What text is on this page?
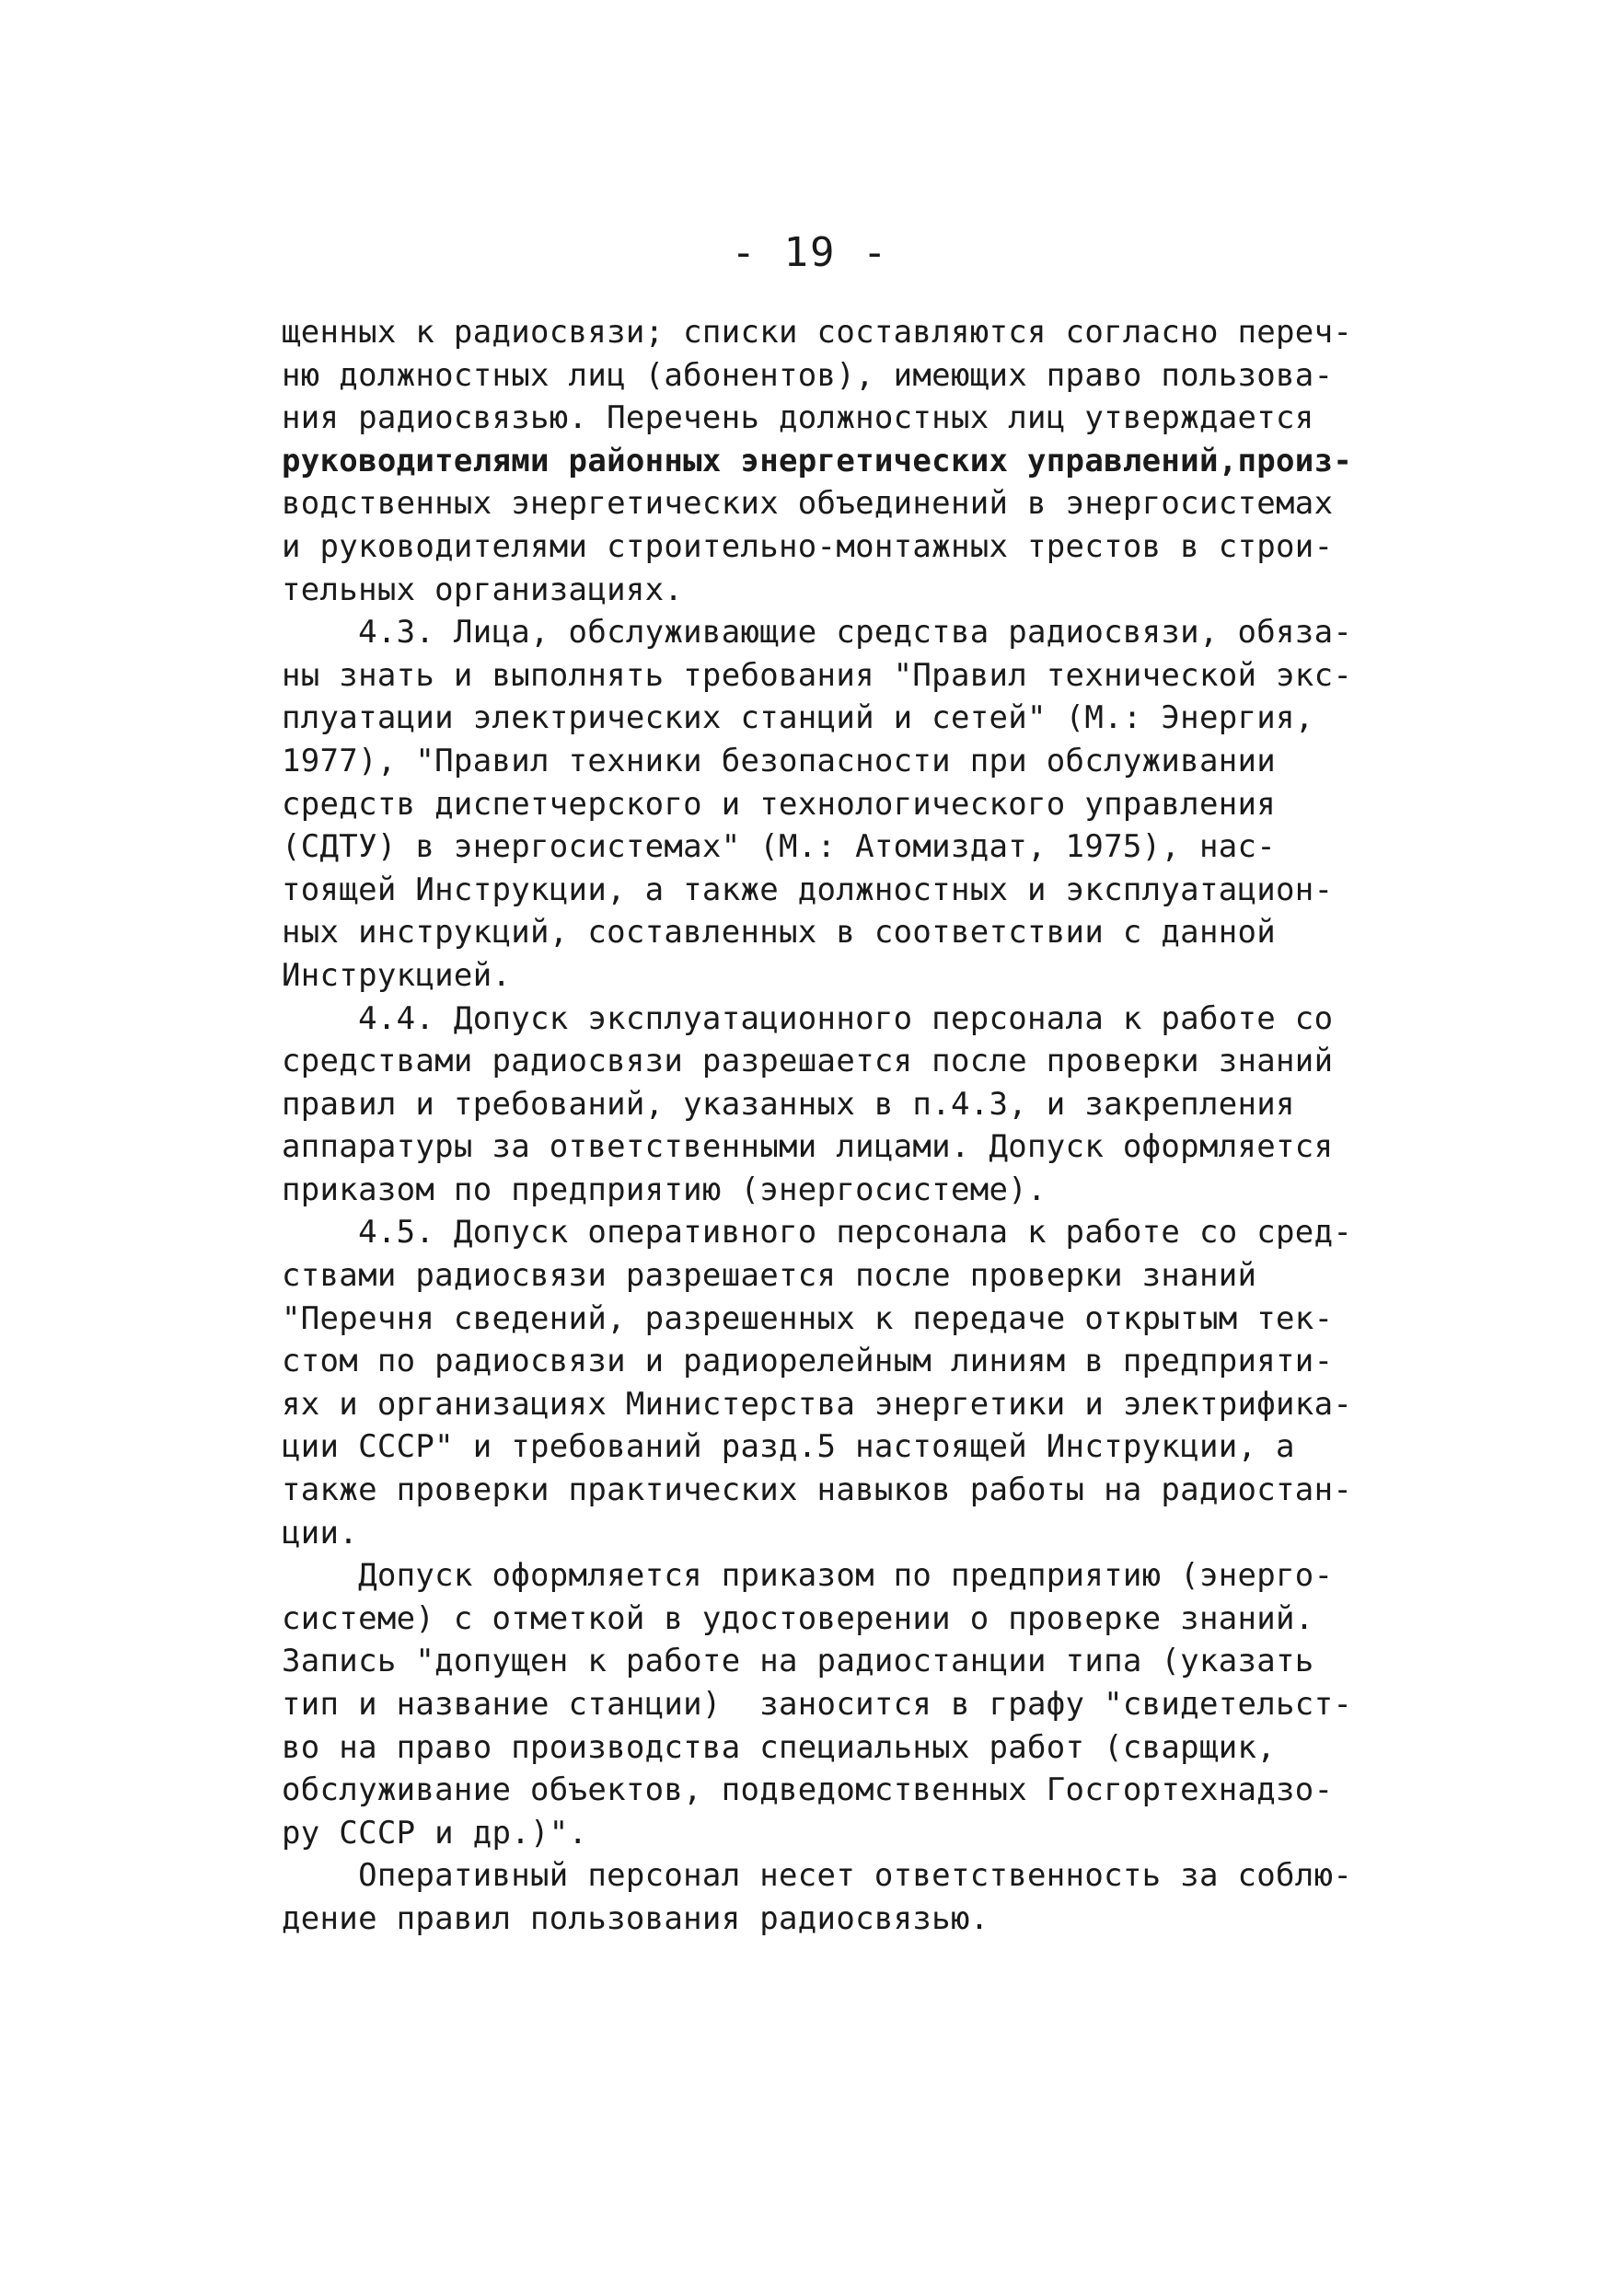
- 19 -
щенных к радиосвязи; списки составляются согласно переч-
ню должностных лиц (абонентов), имеющих право пользова-
ния радиосвязью. Перечень должностных лиц утверждается
руководителями районных энергетических управлений,произ-
водственных энергетических объединений в энергосистемах
и руководителями строительно-монтажных трестов в строи-
тельных организациях.
4.3. Лица, обслуживающие средства радиосвязи, обяза-
ны знать и выполнять требования "Правил технической экс-
плуатации электрических станций и сетей" (М.: Энергия,
1977), "Правил техники безопасности при обслуживании
средств диспетчерского и технологического управления
(СДТУ) в энергосистемах" (М.: Атомиздат, 1975), нас-
тоящей Инструкции, а также должностных и эксплуатацион-
ных инструкций, составленных в соответствии с данной
Инструкцией.
4.4. Допуск эксплуатационного персонала к работе со
средствами радиосвязи разрешается после проверки знаний
правил и требований, указанных в п.4.3, и закрепления
аппаратуры за ответственными лицами. Допуск оформляется
приказом по предприятию (энергосистеме).
4.5. Допуск оперативного персонала к работе со сред-
ствами радиосвязи разрешается после проверки знаний
"Перечня сведений, разрешенных к передаче открытым тек-
стом по радиосвязи и радиорелейным линиям в предприяти-
ях и организациях Министерства энергетики и электрифика-
ции СССР" и требований разд.5 настоящей Инструкции, а
также проверки практических навыков работы на радиостан-
ции.
Допуск оформляется приказом по предприятию (энерго-
системе) с отметкой в удостоверении о проверке знаний.
Запись "допущен к работе на радиостанции типа (указать
тип и название станции)  заносится в графу "свидетельст-
во на право производства специальных работ (сварщик,
обслуживание объектов, подведомственных Госгортехнадзо-
ру СССР и др.)".
Оперативный персонал несет ответственность за соблю-
дение правил пользования радиосвязью.
